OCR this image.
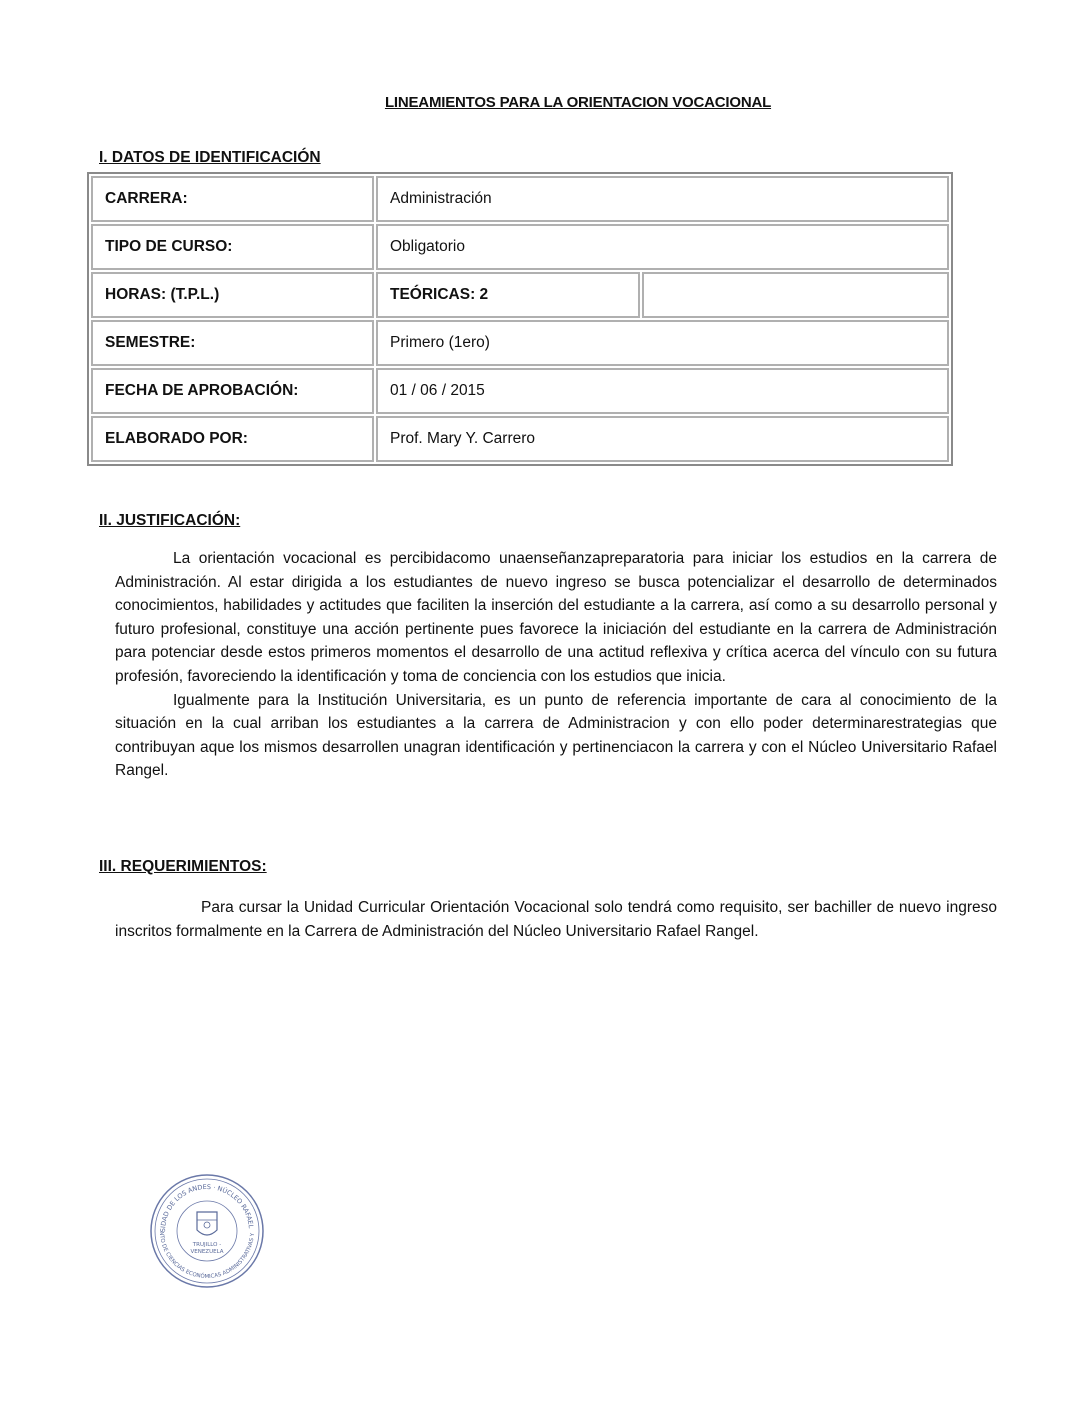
LINEAMIENTOS PARA LA ORIENTACION VOCACIONAL
I. DATOS DE IDENTIFICACIÓN
CARRERA:	Administración	
TIPO DE CURSO:	Obligatorio	
HORAS: (T.P.L.)	TEÓRICAS: 2	
SEMESTRE:	Primero (1ero)	
FECHA DE APROBACIÓN:	01 / 06 / 2015	
ELABORADO POR:	Prof. Mary Y. Carrero	
II. JUSTIFICACIÓN:
La orientación vocacional es percibidacomo unaenseñanzapreparatoria para iniciar los estudios en la carrera de Administración. Al estar dirigida a los estudiantes de nuevo ingreso se busca potencializar el desarrollo de determinados conocimientos, habilidades y actitudes que faciliten la inserción del estudiante a la carrera, así como a su desarrollo personal y futuro profesional, constituye una acción pertinente pues favorece la iniciación del estudiante en la carrera de Administración para potenciar desde estos primeros momentos el desarrollo de una actitud reflexiva y crítica acerca del vínculo con su futura profesión, favoreciendo la identificación y toma de conciencia con los estudios que inicia.
Igualmente para la Institución Universitaria, es un punto de referencia importante de cara al conocimiento de la situación en la cual arriban los estudiantes a la carrera de Administracion y con ello poder determinarestrategias que contribuyan aque los mismos desarrollen unagran identificación y pertinenciacon la carrera y con el Núcleo Universitario Rafael Rangel.
III. REQUERIMIENTOS:
Para cursar la Unidad Curricular Orientación Vocacional solo tendrá como requisito, ser bachiller de nuevo ingreso inscritos formalmente en la Carrera de Administración del Núcleo Universitario Rafael Rangel.
SIDAD DE LOS ANDES · NÚCLEO RAFAEL
NTO DE CIENCIAS ECONÓMICAS ADMINISTRATIVAS Y
TRUJILLO -
VENEZUELA
